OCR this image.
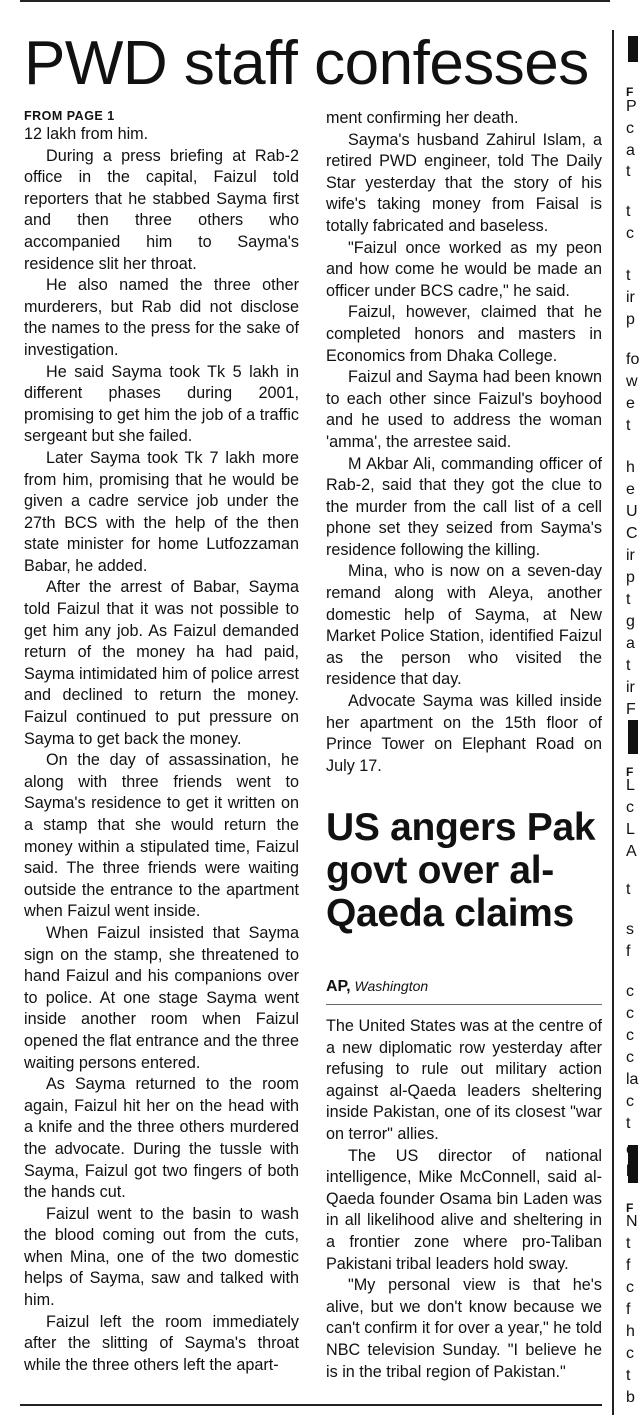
PWD staff confesses
FROM PAGE 1

12 lakh from him.

During a press briefing at Rab-2 office in the capital, Faizul told reporters that he stabbed Sayma first and then three others who accompanied him to Sayma's residence slit her throat.

He also named the three other murderers, but Rab did not disclose the names to the press for the sake of investigation.

He said Sayma took Tk 5 lakh in different phases during 2001, promising to get him the job of a traffic sergeant but she failed.

Later Sayma took Tk 7 lakh more from him, promising that he would be given a cadre service job under the 27th BCS with the help of the then state minister for home Lutfozzaman Babar, he added.

After the arrest of Babar, Sayma told Faizul that it was not possible to get him any job. As Faizul demanded return of the money ha had paid, Sayma intimidated him of police arrest and declined to return the money. Faizul continued to put pressure on Sayma to get back the money.

On the day of assassination, he along with three friends went to Sayma's residence to get it written on a stamp that she would return the money within a stipulated time, Faizul said. The three friends were waiting outside the entrance to the apartment when Faizul went inside.

When Faizul insisted that Sayma sign on the stamp, she threatened to hand Faizul and his companions over to police. At one stage Sayma went inside another room when Faizul opened the flat entrance and the three waiting persons entered.

As Sayma returned to the room again, Faizul hit her on the head with a knife and the three others murdered the advocate. During the tussle with Sayma, Faizul got two fingers of both the hands cut.

Faizul went to the basin to wash the blood coming out from the cuts, when Mina, one of the two domestic helps of Sayma, saw and talked with him.

Faizul left the room immediately after the slitting of Sayma's throat while the three others left the apart-

ment confirming her death.

Sayma's husband Zahirul Islam, a retired PWD engineer, told The Daily Star yesterday that the story of his wife's taking money from Faisal is totally fabricated and baseless.

"Faizul once worked as my peon and how come he would be made an officer under BCS cadre," he said.

Faizul, however, claimed that he completed honors and masters in Economics from Dhaka College.

Faizul and Sayma had been known to each other since Faizul's boyhood and he used to address the woman 'amma', the arrestee said.

M Akbar Ali, commanding officer of Rab-2, said that they got the clue to the murder from the call list of a cell phone set they seized from Sayma's residence following the killing.

Mina, who is now on a seven-day remand along with Aleya, another domestic help of Sayma, at New Market Police Station, identified Faizul as the person who visited the residence that day.

Advocate Sayma was killed inside her apartment on the 15th floor of Prince Tower on Elephant Road on July 17.

US angers Pak govt over al-Qaeda claims
AP, Washington

The United States was at the centre of a new diplomatic row yesterday after refusing to rule out military action against al-Qaeda leaders sheltering inside Pakistan, one of its closest "war on terror" allies.

The US director of national intelligence, Mike McConnell, said al-Qaeda founder Osama bin Laden was in all likelihood alive and sheltering in a frontier zone where pro-Taliban Pakistani tribal leaders hold sway.

"My personal view is that he's alive, but we don't know because we can't confirm it for over a year," he told NBC television Sunday. "I believe he is in the tribal region of Pakistan."

F
P
c
a
t
t
c
t
ir
p
fo
w
e
t
h
e
U
C
ir
p
t
g
a
t
ir
F
F
L
c
L
A
t
s
f
c
c
c
c
la
c
t
c
li
F
N
t
f
c
f
h
c
t
b
